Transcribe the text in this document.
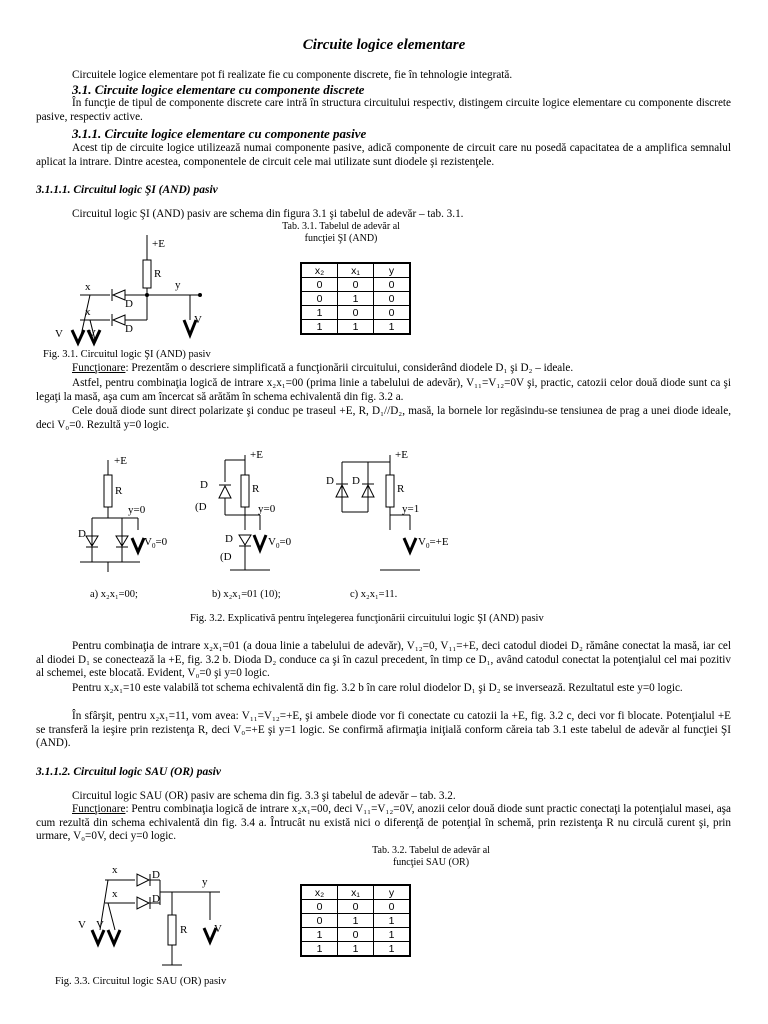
Circuite logice elementare
Circuitele logice elementare pot fi realizate fie cu componente discrete, fie în tehnologie integrată.
3.1. Circuite logice elementare cu componente discrete
În funcţie de tipul de componente discrete care intră în structura circuitului respectiv, distingem circuite logice elementare cu componente discrete pasive, respectiv active.
3.1.1. Circuite logice elementare cu componente pasive
Acest tip de circuite logice utilizează numai componente pasive, adică componente de circuit care nu posedă capacitatea de a amplifica semnalul aplicat la intrare. Dintre acestea, componentele de circuit cele mai utilizate sunt diodele şi rezistenţele.
3.1.1.1. Circuitul logic ŞI (AND) pasiv
Circuitul logic ŞI (AND) pasiv are schema din figura 3.1 şi tabelul de adevăr – tab. 3.1.
Tab. 3.1. Tabelul de adevăr al
funcţiei ŞI (AND)
x₂	x₁	y
0	0	0
0	1	0
1	0	0
1	1	1
+E
R
y
x
x
D
D
V
V V
Fig. 3.1. Circuitul logic ŞI (AND) pasiv
Funcţionare: Prezentăm o descriere simplificată a funcţionării circuitului, considerând diodele D₁ şi D₂ – ideale.
Astfel, pentru combinaţia logică de intrare x₂x₁=00 (prima linie a tabelului de adevăr), V₁₁=V₁₂=0V şi, practic, catozii celor două diode sunt ca şi legaţi la masă, aşa cum am încercat să arătăm în schema echivalentă din fig. 3.2 a.
Cele două diode sunt direct polarizate şi conduc pe traseul +E, R, D₁//D₂, masă, la bornele lor regăsindu-se tensiunea de prag a unei diode ideale, deci V₀=0. Rezultă y=0 logic.
+E
R
y=0
D
$V_0=0$
a) x₂x₁=00;
+E
R
y=0
D
(D
D
(D
$V_0=0$
b) x₂x₁=01 (10);
+E
R
y=1
D D
$V_0=+E$
c) x₂x₁=11.
Fig. 3.2. Explicativă pentru înţelegerea funcţionării circuitului logic ŞI (AND) pasiv
Pentru combinaţia de intrare x₂x₁=01 (a doua linie a tabelului de adevăr), V₁₂=0, V₁₁=+E, deci catodul diodei D₂ rămâne conectat la masă, iar cel al diodei D₁ se conectează la +E, fig. 3.2 b. Dioda D₂ conduce ca şi în cazul precedent, în timp ce D₁, având catodul conectat la potenţialul cel mai pozitiv al schemei, este blocată. Evident, V₀=0 şi y=0 logic.
Pentru x₂x₁=10 este valabilă tot schema echivalentă din fig. 3.2 b în care rolul diodelor D₁ şi D₂ se inversează. Rezultatul este y=0 logic.
În sfârşit, pentru x₂x₁=11, vom avea: V₁₁=V₁₂=+E, şi ambele diode vor fi conectate cu catozii la +E, fig. 3.2 c, deci vor fi blocate. Potenţialul +E se transferă la ieşire prin rezistenţa R, deci V₀=+E şi y=1 logic. Se confirmă afirmaţia iniţială conform căreia tab 3.1 este tabelul de adevăr al funcţiei ŞI (AND).
3.1.1.2. Circuitul logic SAU (OR) pasiv
Circuitul logic SAU (OR) pasiv are schema din fig. 3.3 şi tabelul de adevăr – tab. 3.2.
Funcţionare: Pentru combinaţia logică de intrare x₂x₁=00, deci V₁₁=V₁₂=0V, anozii celor două diode sunt practic conectaţi la potenţialul masei, aşa cum rezultă din schema echivalentă din fig. 3.4 a. Întrucât nu există nici o diferenţă de potenţial în schemă, prin rezistenţa R nu circulă curent şi, prin urmare, V₀=0V, deci y=0 logic.
Tab. 3.2. Tabelul de adevăr al
funcţiei SAU (OR)
x₂	x₁	y
0	0	0
0	1	1
1	0	1
1	1	1
x
x
D
D
y
R V
V V
Fig. 3.3. Circuitul logic SAU (OR) pasiv
